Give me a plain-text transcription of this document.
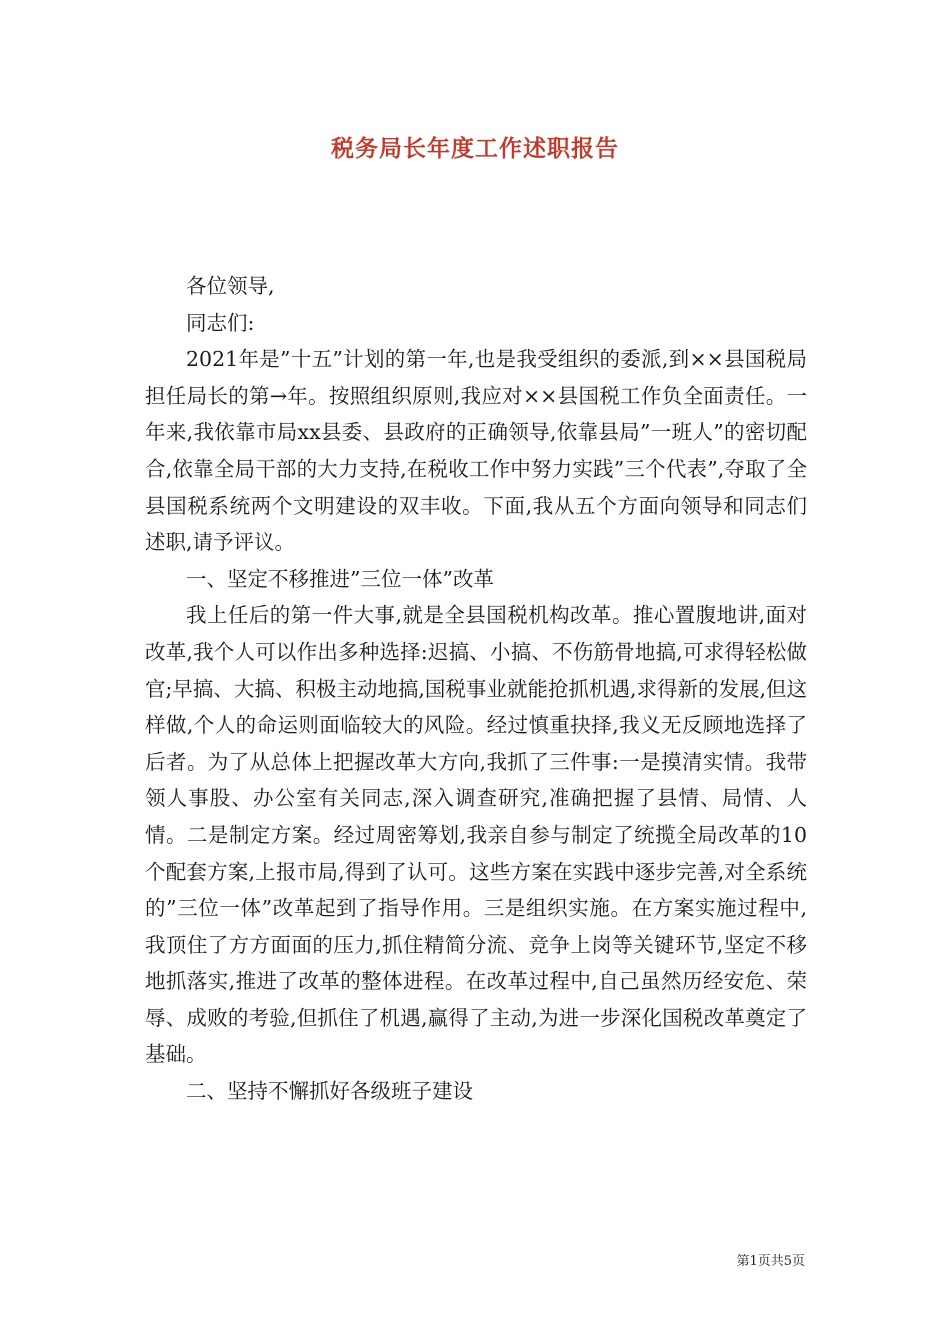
税务局长年度工作述职报告

各位领导,

同志们:

2021年是”十五”计划的第一年,也是我受组织的委派,到××县国税局担任局长的第→年。按照组织原则,我应对××县国税工作负全面责任。一年来,我依靠市局xx县委、县政府的正确领导,依靠县局”一班人”的密切配合,依靠全局干部的大力支持,在税收工作中努力实践”三个代表”,夺取了全县国税系统两个文明建设的双丰收。下面,我从五个方面向领导和同志们述职,请予评议。

一、坚定不移推进”三位一体”改革

我上任后的第一件大事,就是全县国税机构改革。推心置腹地讲,面对改革,我个人可以作出多种选择:迟搞、小搞、不伤筋骨地搞,可求得轻松做官;早搞、大搞、积极主动地搞,国税事业就能抢抓机遇,求得新的发展,但这样做,个人的命运则面临较大的风险。经过慎重抉择,我义无反顾地选择了后者。为了从总体上把握改革大方向,我抓了三件事:一是摸清实情。我带领人事股、办公室有关同志,深入调查研究,准确把握了县情、局情、人情。二是制定方案。经过周密筹划,我亲自参与制定了统揽全局改革的10个配套方案,上报市局,得到了认可。这些方案在实践中逐步完善,对全系统的”三位一体”改革起到了指导作用。三是组织实施。在方案实施过程中,我顶住了方方面面的压力,抓住精简分流、竞争上岗等关键环节,坚定不移地抓落实,推进了改革的整体进程。在改革过程中,自己虽然历经安危、荣辱、成败的考验,但抓住了机遇,赢得了主动,为进一步深化国税改革奠定了基础。

二、坚持不懈抓好各级班子建设

第1页共5页
